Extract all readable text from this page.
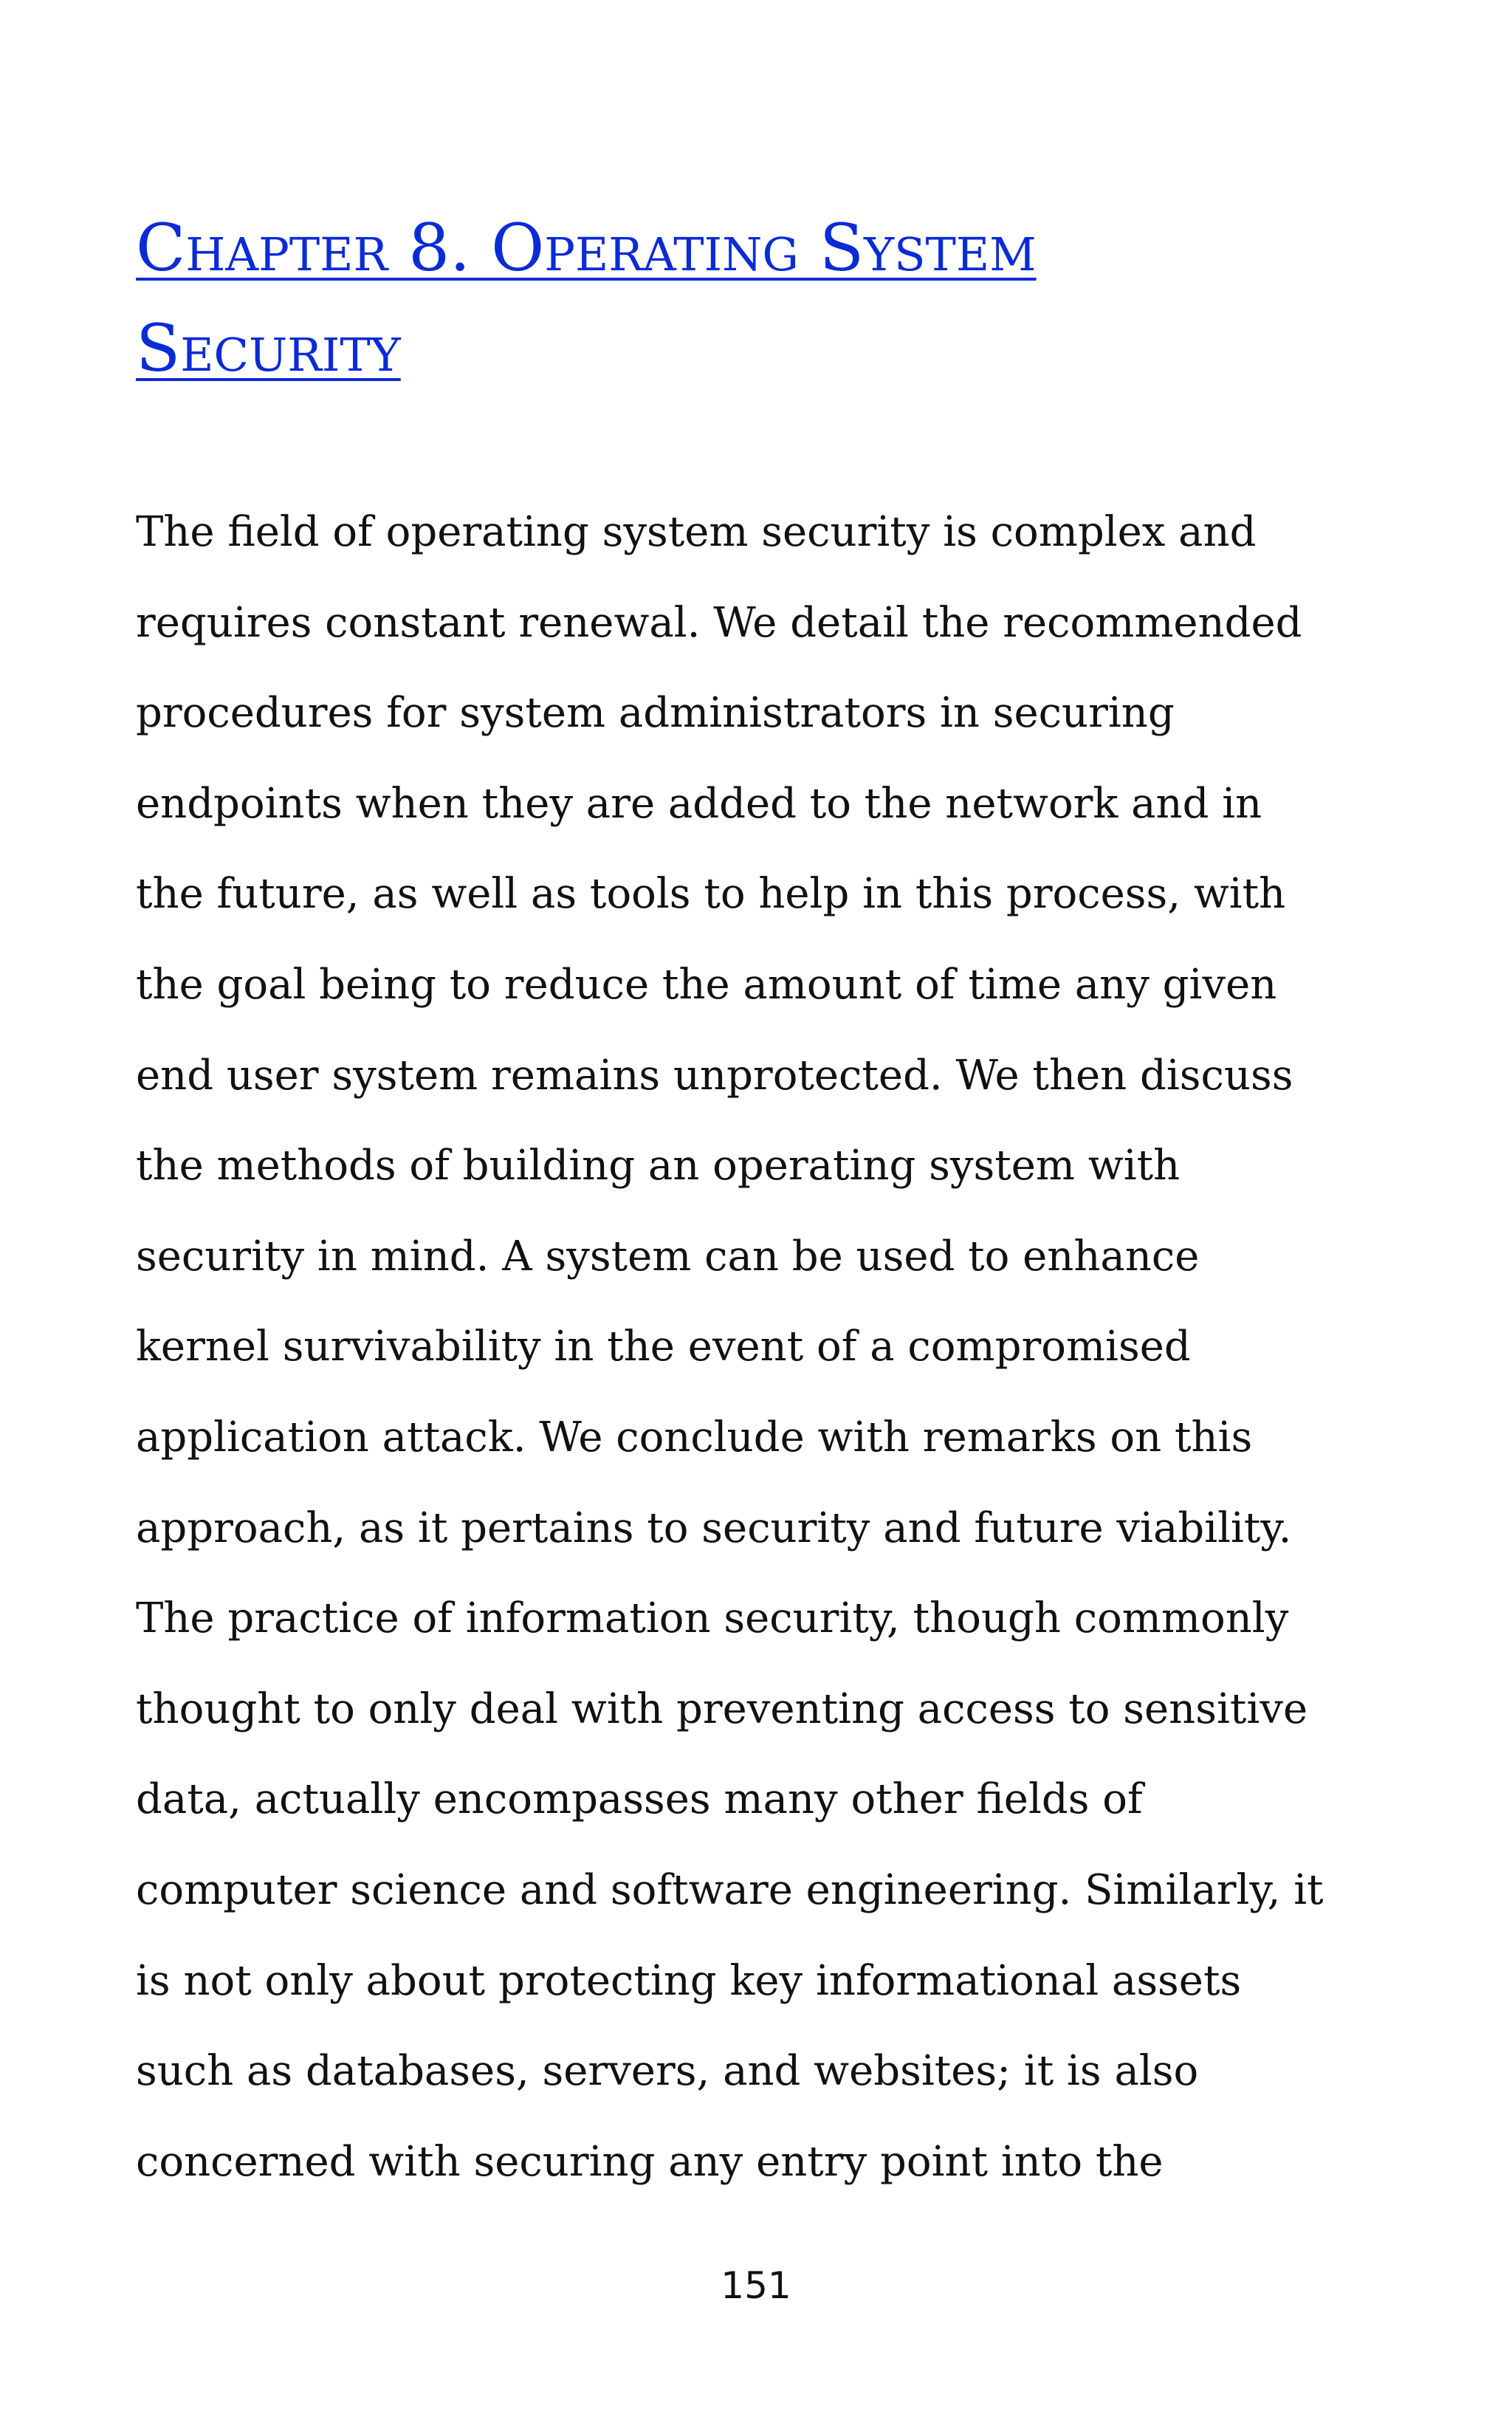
Chapter 8. Operating System
Security
The field of operating system security is complex and
requires constant renewal. We detail the recommended
procedures for system administrators in securing
endpoints when they are added to the network and in
the future, as well as tools to help in this process, with
the goal being to reduce the amount of time any given
end user system remains unprotected. We then discuss
the methods of building an operating system with
security in mind. A system can be used to enhance
kernel survivability in the event of a compromised
application attack. We conclude with remarks on this
approach, as it pertains to security and future viability.
The practice of information security, though commonly
thought to only deal with preventing access to sensitive
data, actually encompasses many other fields of
computer science and software engineering. Similarly, it
is not only about protecting key informational assets
such as databases, servers, and websites; it is also
concerned with securing any entry point into the
151
